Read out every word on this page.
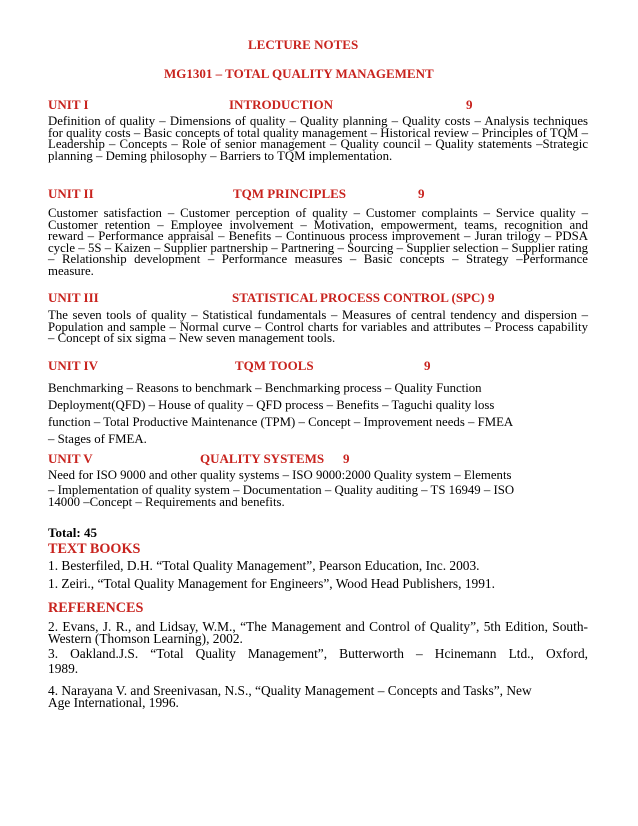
LECTURE NOTES
MG1301 – TOTAL QUALITY MANAGEMENT
UNIT I	INTRODUCTION	9
Definition of quality – Dimensions of quality – Quality planning – Quality costs – Analysis techniques for quality costs – Basic concepts of total quality management – Historical review – Principles of TQM – Leadership – Concepts – Role of senior management – Quality council – Quality statements –Strategic planning – Deming philosophy – Barriers to TQM implementation.
UNIT II	TQM PRINCIPLES	9
Customer satisfaction – Customer perception of quality – Customer complaints – Service quality –Customer retention – Employee involvement – Motivation, empowerment, teams, recognition and reward – Performance appraisal – Benefits – Continuous process improvement – Juran trilogy – PDSA cycle – 5S – Kaizen – Supplier partnership – Partnering – Sourcing – Supplier selection – Supplier rating – Relationship development – Performance measures – Basic concepts – Strategy –Performance measure.
UNIT III	STATISTICAL PROCESS CONTROL (SPC) 9
The seven tools of quality – Statistical fundamentals – Measures of central tendency and dispersion – Population and sample – Normal curve – Control charts for variables and attributes – Process capability – Concept of six sigma – New seven management tools.
UNIT IV	TQM TOOLS	9
Benchmarking – Reasons to benchmark – Benchmarking process – Quality Function
Deployment(QFD) – House of quality – QFD process – Benefits – Taguchi quality loss
function – Total Productive Maintenance (TPM) – Concept – Improvement needs – FMEA
– Stages of FMEA.
UNIT V	QUALITY SYSTEMS 9
Need for ISO 9000 and other quality systems – ISO 9000:2000 Quality system – Elements
– Implementation of quality system – Documentation – Quality auditing – TS 16949 – ISO
14000 –Concept – Requirements and benefits.
Total: 45
TEXT BOOKS
1. Besterfiled, D.H. “Total Quality Management”, Pearson Education, Inc. 2003.
1. Zeiri., “Total Quality Management for Engineers”, Wood Head Publishers, 1991.
REFERENCES
2. Evans, J. R., and Lidsay, W.M., “The Management and Control of Quality”, 5th Edition, South-Western (Thomson Learning), 2002.
3. Oakland.J.S. “Total Quality Management”, Butterworth – Hcinemann Ltd., Oxford,
1989.
4. Narayana V. and Sreenivasan, N.S., “Quality Management – Concepts and Tasks”, New
Age International, 1996.
